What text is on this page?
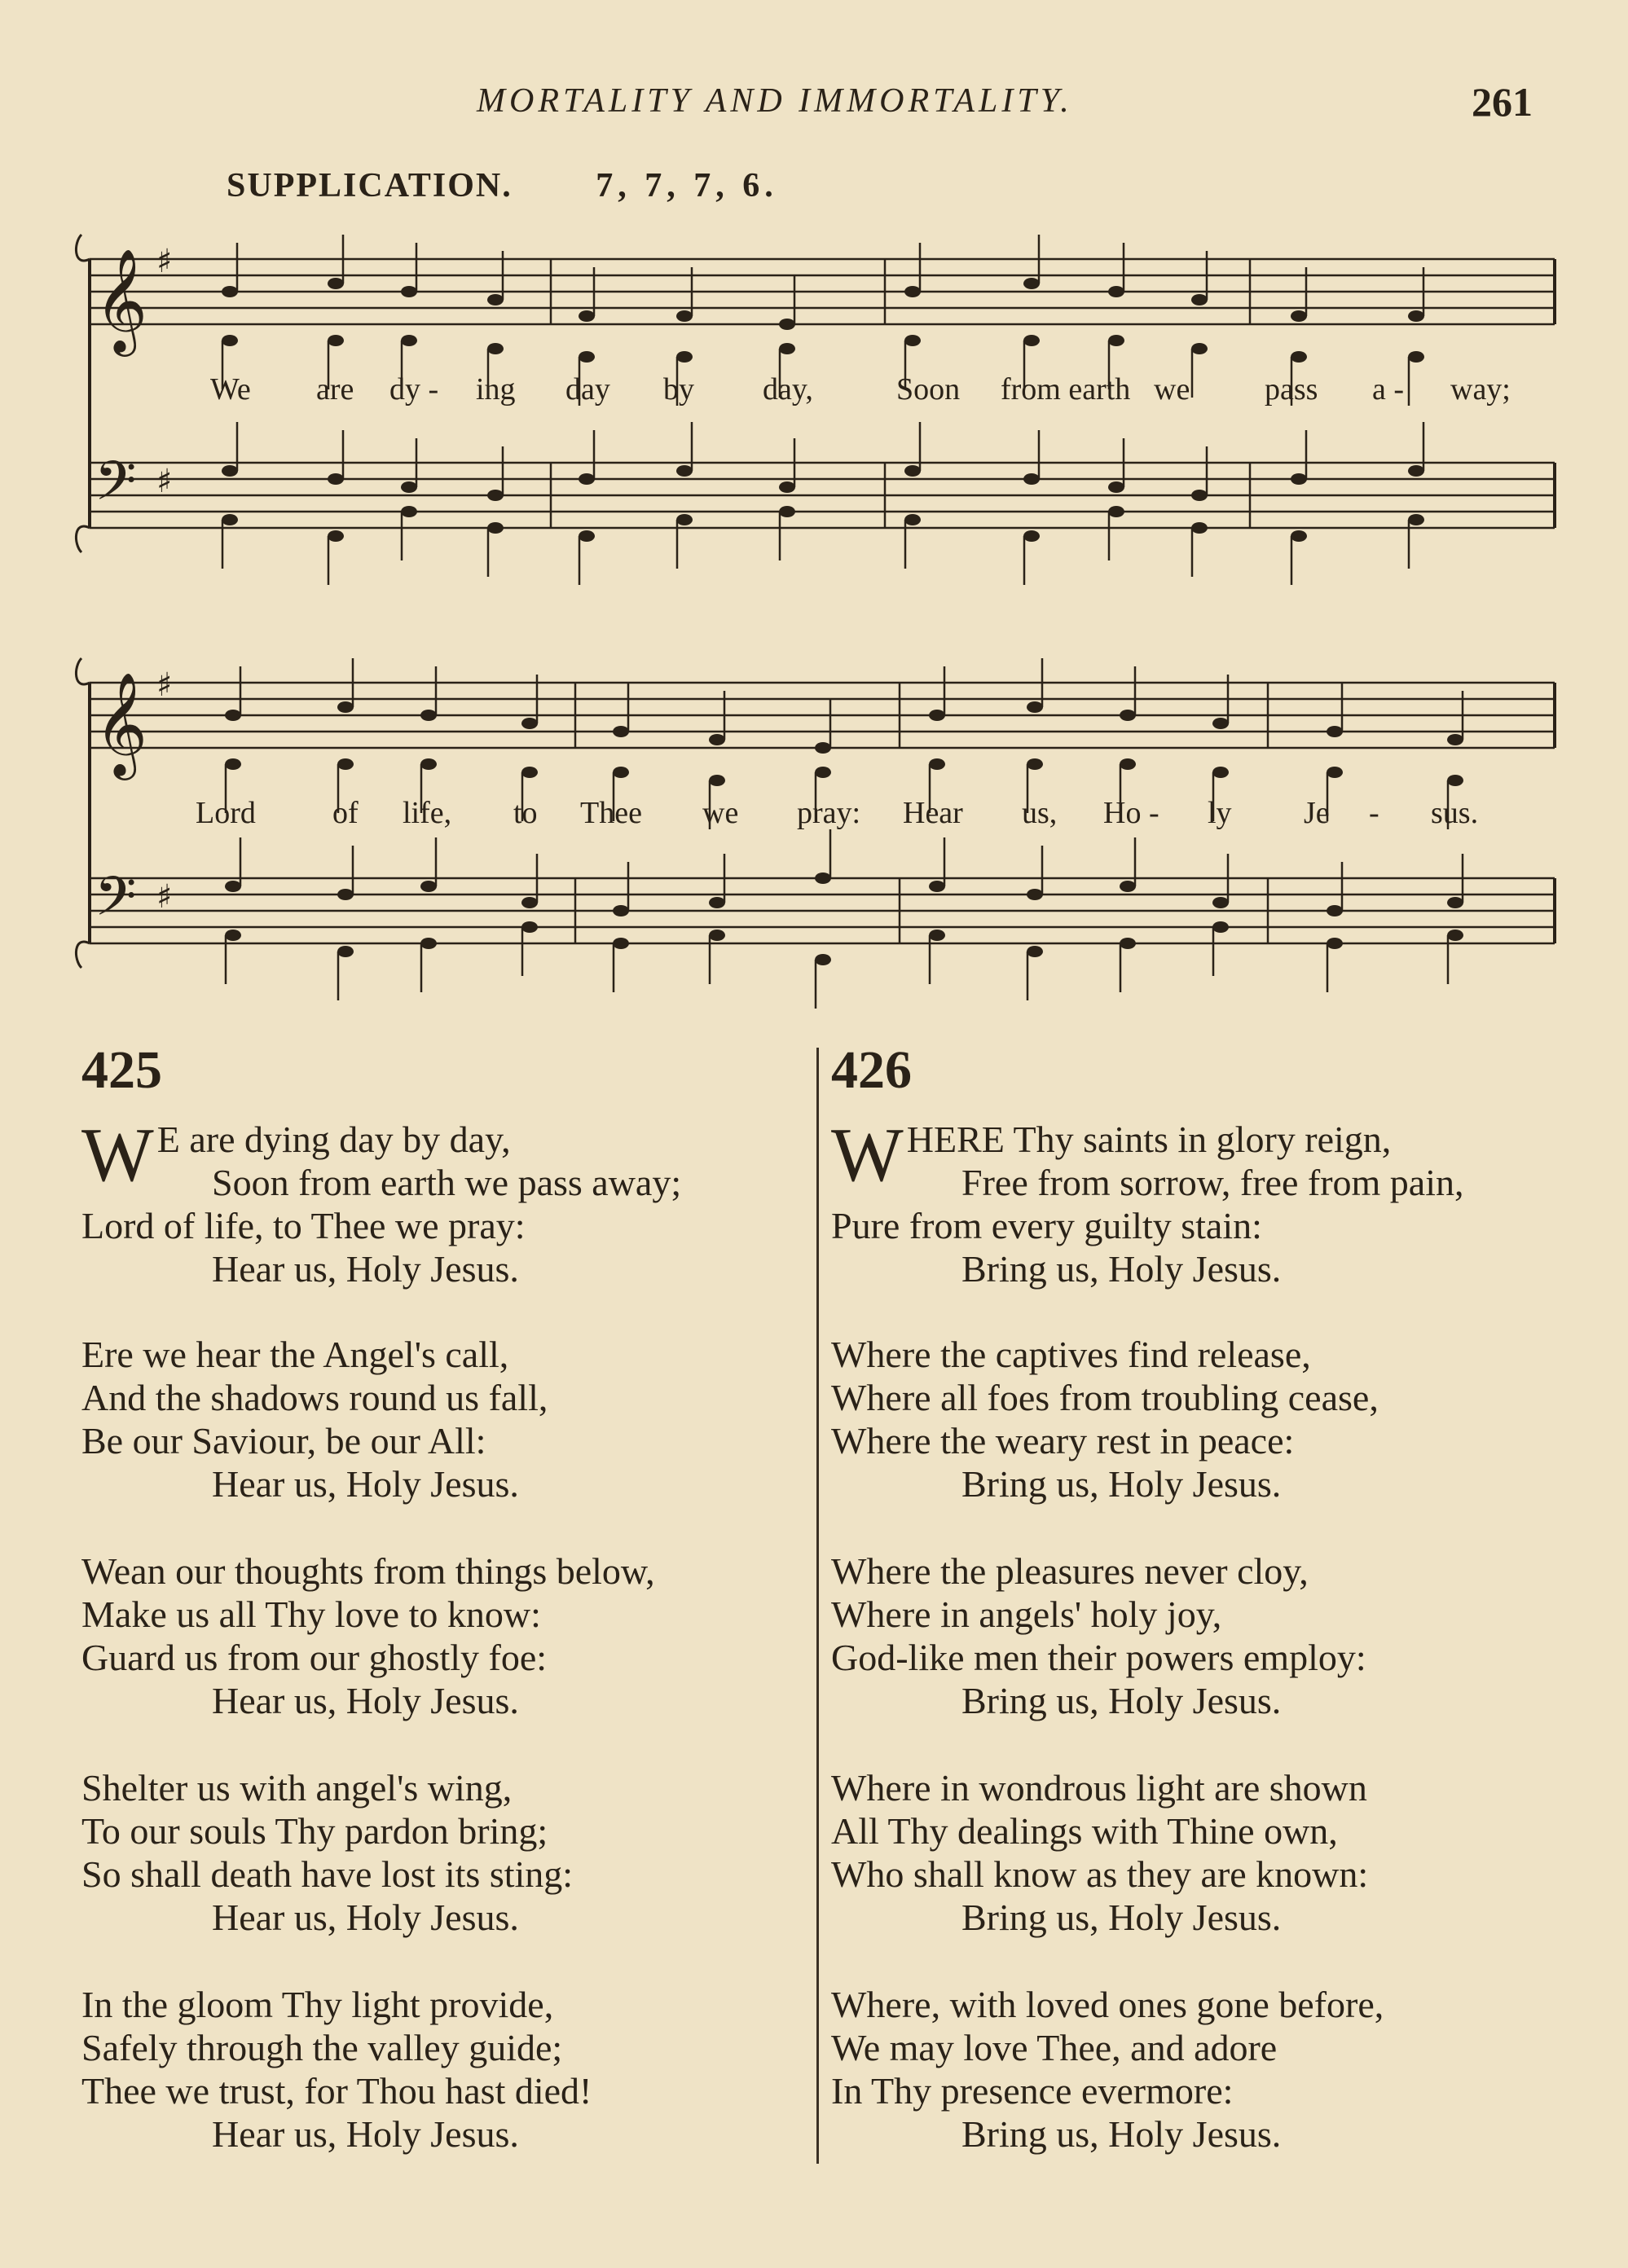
MORTALITY AND IMMORTALITY.	261
SUPPLICATION. 7, 7, 7, 6.
𝄞
𝄞
𝄢
𝄢
♯
♯
♯
♯
We are dy - ing day by day,	Soon from earth we pass a - way;
Lord of life, to Thee we pray: Hear us, Ho - ly Je - sus.
425
W E are dying day by day,
Soon from earth we pass away;
Lord of life, to Thee we pray:
Hear us, Holy Jesus.
Ere we hear the Angel's call,
And the shadows round us fall,
Be our Saviour, be our All:
Hear us, Holy Jesus.
Wean our thoughts from things below,
Make us all Thy love to know:
Guard us from our ghostly foe:
Hear us, Holy Jesus.
Shelter us with angel's wing,
To our souls Thy pardon bring;
So shall death have lost its sting:
Hear us, Holy Jesus.
In the gloom Thy light provide,
Safely through the valley guide;
Thee we trust, for Thou hast died!
Hear us, Holy Jesus.
426
WHERE Thy saints in glory reign,
Free from sorrow, free from pain,
Pure from every guilty stain:
Bring us, Holy Jesus.
Where the captives find release,
Where all foes from troubling cease,
Where the weary rest in peace:
Bring us, Holy Jesus.
Where the pleasures never cloy,
Where in angels' holy joy,
God-like men their powers employ:
Bring us, Holy Jesus.
Where in wondrous light are shown
All Thy dealings with Thine own,
Who shall know as they are known:
Bring us, Holy Jesus.
Where, with loved ones gone before,
We may love Thee, and adore
In Thy presence evermore:
Bring us, Holy Jesus.
